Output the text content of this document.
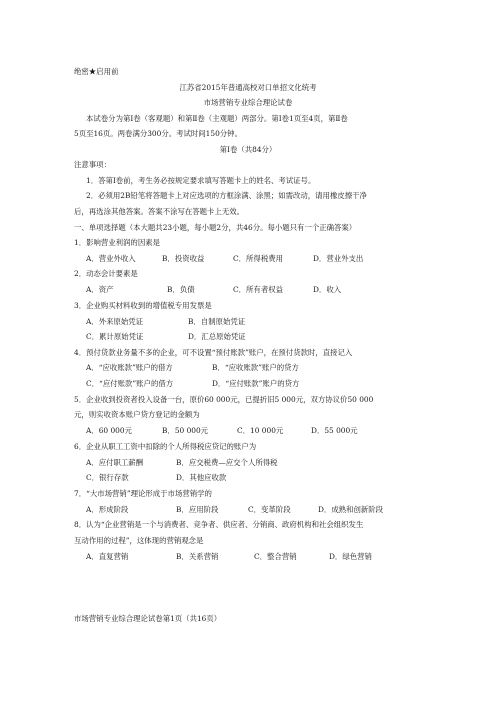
绝密★启用前
江苏省2015年普通高校对口单招文化统考
市场营销专业综合理论试卷
本试卷分为第Ⅰ卷（客观题）和第Ⅱ卷（主观题）两部分。第Ⅰ卷1页至4页，第Ⅱ卷
5页至16页。两卷满分300分。考试时间150分钟。
第Ⅰ卷（共84分）
注意事项：
1．答第Ⅰ卷前，考生务必按规定要求填写答题卡上的姓名、考试证号。
2．必须用2B铅笔将答题卡上对应选项的方框涂满、涂黑；如需改动，请用橡皮擦干净
后，再选涂其他答案。答案不涂写在答题卡上无效。
一、单项选择题（本大题共23小题，每小题2分，共46分。每小题只有一个正确答案）
1．影响营业利润的因素是
A．营业外收入	B．投资收益	C．所得税费用	D．营业外支出
2．动态会计要素是
A．资产	B．负债	C．所有者权益	D．收入
3．企业购买材料收到的增值税专用发票是
A．外来原始凭证	B．自制原始凭证
C．累计原始凭证	D．汇总原始凭证
4．预付货款业务量不多的企业，可不设置“预付账款”账户，在预付货款时，直接记入
A．“应收账款”账户的借方	B．“应收账款”账户的贷方
C．“应付账款”账户的借方	D．“应付账款”账户的贷方
5．企业收到投资者投入设备一台，原价60 000元，已提折旧5 000元，双方协议价50 000
元，则实收资本账户贷方登记的金额为
A．60 000元	B．50 000元	C．10 000元	D．55 000元
6．企业从职工工资中扣除的个人所得税应贷记的账户为
A．应付职工薪酬	B．应交税费—应交个人所得税
C．银行存款	D．其他应收款
7．“大市场营销”理论形成于市场营销学的
A．形成阶段	B．应用阶段	C．变革阶段	D．成熟和创新阶段
8．认为“企业营销是一个与消费者、竞争者、供应者、分销商、政府机构和社会组织发生
互动作用的过程”，这体现的营销观念是
A．直复营销	B．关系营销	C．整合营销	D．绿色营销
市场营销专业综合理论试卷第1页（共16页）
